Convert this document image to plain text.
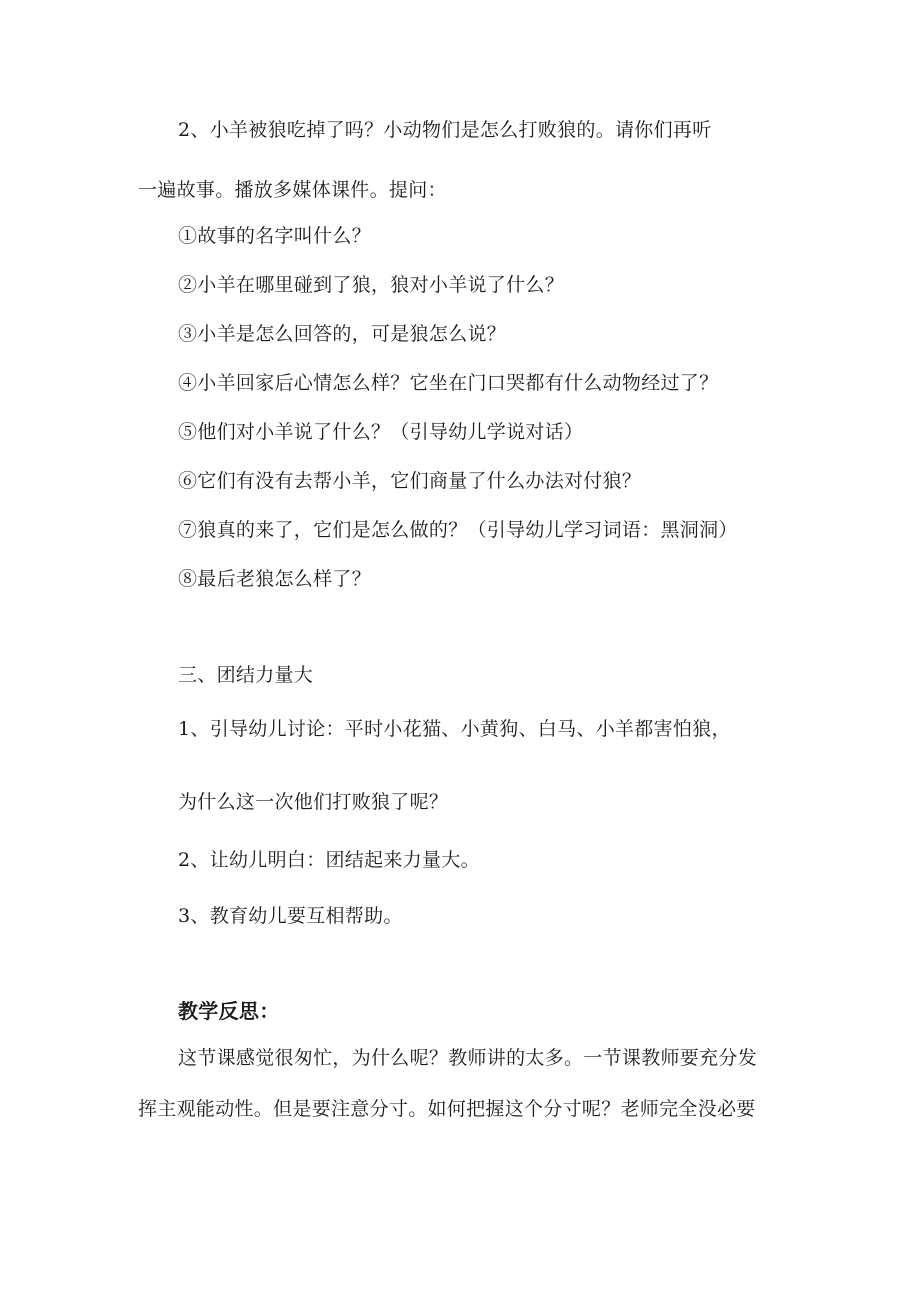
2、小羊被狼吃掉了吗？小动物们是怎么打败狼的。请你们再听
一遍故事。播放多媒体课件。提问：
①故事的名字叫什么？
②小羊在哪里碰到了狼，狼对小羊说了什么？
③小羊是怎么回答的，可是狼怎么说？
④小羊回家后心情怎么样？它坐在门口哭都有什么动物经过了？
⑤他们对小羊说了什么？（引导幼儿学说对话）
⑥它们有没有去帮小羊，它们商量了什么办法对付狼？
⑦狼真的来了，它们是怎么做的？（引导幼儿学习词语：黑洞洞）
⑧最后老狼怎么样了？
三、团结力量大
1、引导幼儿讨论：平时小花猫、小黄狗、白马、小羊都害怕狼，
为什么这一次他们打败狼了呢？
2、让幼儿明白：团结起来力量大。
3、教育幼儿要互相帮助。
教学反思：
这节课感觉很匆忙，为什么呢？教师讲的太多。一节课教师要充分发
挥主观能动性。但是要注意分寸。如何把握这个分寸呢？老师完全没必要
